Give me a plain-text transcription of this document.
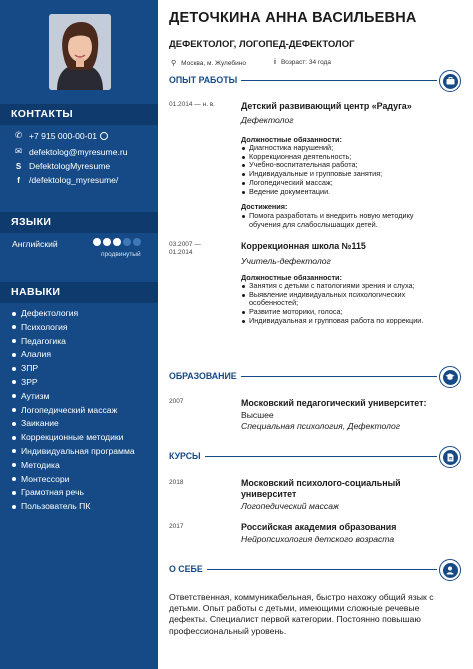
КОНТАКТЫ
✆ +7 915 000-00-01
✉ defektolog@myresume.ru
S DefektologMyresume
f	/defektolog_myresume/
ЯЗЫКИ
Английский
продвинутый
НАВЫКИ
Дефектология
Психология
Педагогика
Алалия
ЗПР
ЗРР
Аутизм
Логопедический массаж
Заикание
Коррекционные методики
Индивидуальная программа
Методика
Монтессори
Грамотная речь
Пользователь ПК
ДЕТОЧКИНА АННА ВАСИЛЬЕВНА
ДЕФЕКТОЛОГ, ЛОГОПЕД-ДЕФЕКТОЛОГ
⚲ Москва, м. Жулебино	i Возраст: 34 года
ОПЫТ РАБОТЫ
01.2014 — н. в.	Детский развивающий центр «Радуга»
Дефектолог
Должностные обязанности:
Диагностика нарушений;
Коррекционная деятельность;
Учебно-воспитательная работа;
Индивидуальные и групповые занятия;
Логопедический массаж;
Ведение документации.
Достижения:
Помога разработать и внедрить новую методику обучения для слабослышащих детей.
03.2007 — 01.2014
Коррекционная школа №115
Учитель-дефектолог
Должностные обязанности:
Занятия с детьми с патологиями зрения и слуха;
Выявление индивидуальных психологических особенностей;
Развитие моторики, голоса;
Индивидуальная и групповая работа по коррекции.
ОБРАЗОВАНИЕ
2007	Московский педагогический университет:
Высшее
Специальная психология, Дефектолог
КУРСЫ
2018	Московский психолого-социальный университет
Логопедический массаж
2017	Российская академия образования
Нейропсихология детского возраста
О СЕБЕ
Ответственная, коммуникабельная, быстро нахожу общий язык с детьми. Опыт работы с детьми, имеющими сложные речевые дефекты. Специалист первой категории. Постоянно повышаю профессиональный уровень.
